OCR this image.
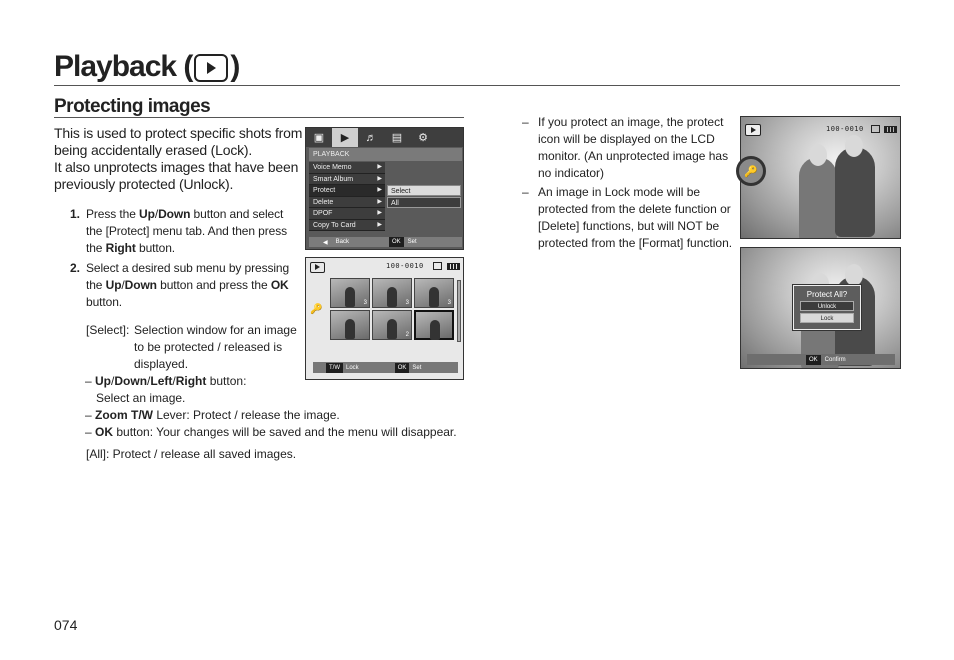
Playback ( )
Protecting images
This is used to protect specific shots from being accidentally erased (Lock).
It also unprotects images that have been previously protected (Unlock).
1. Press the Up/Down button and select the [Protect] menu tab. And then press the Right button.
2. Select a desired sub menu by pressing the Up/Down button and press the OK button.
[Select]: Selection window for an image to be protected / released is displayed.
– Up/Down/Left/Right button:
Select an image.
– Zoom T/W Lever: Protect / release the image.
– OK button: Your changes will be saved and the menu will disappear.
[All]: Protect / release all saved images.
– If you protect an image, the protect icon will be displayed on the LCD monitor. (An unprotected image has no indicator)
– An image in Lock mode will be protected from the delete function or [Delete] functions, but will NOT be protected from the [Format] function.
074
▣	▶	♬	▤	⚙
PLAYBACK
Voice Memo	▶
Smart Album	▶
Protect	▶
Delete	▶
DPOF	▶
Copy To Card	▶
Select
All
◀ Back	OK	Set
100-0010
🔑
3	3	3
2
T/W	Lock	OK	Set
100-0010
🔑
Protect All?
Unlock
Lock
OK	Confirm
